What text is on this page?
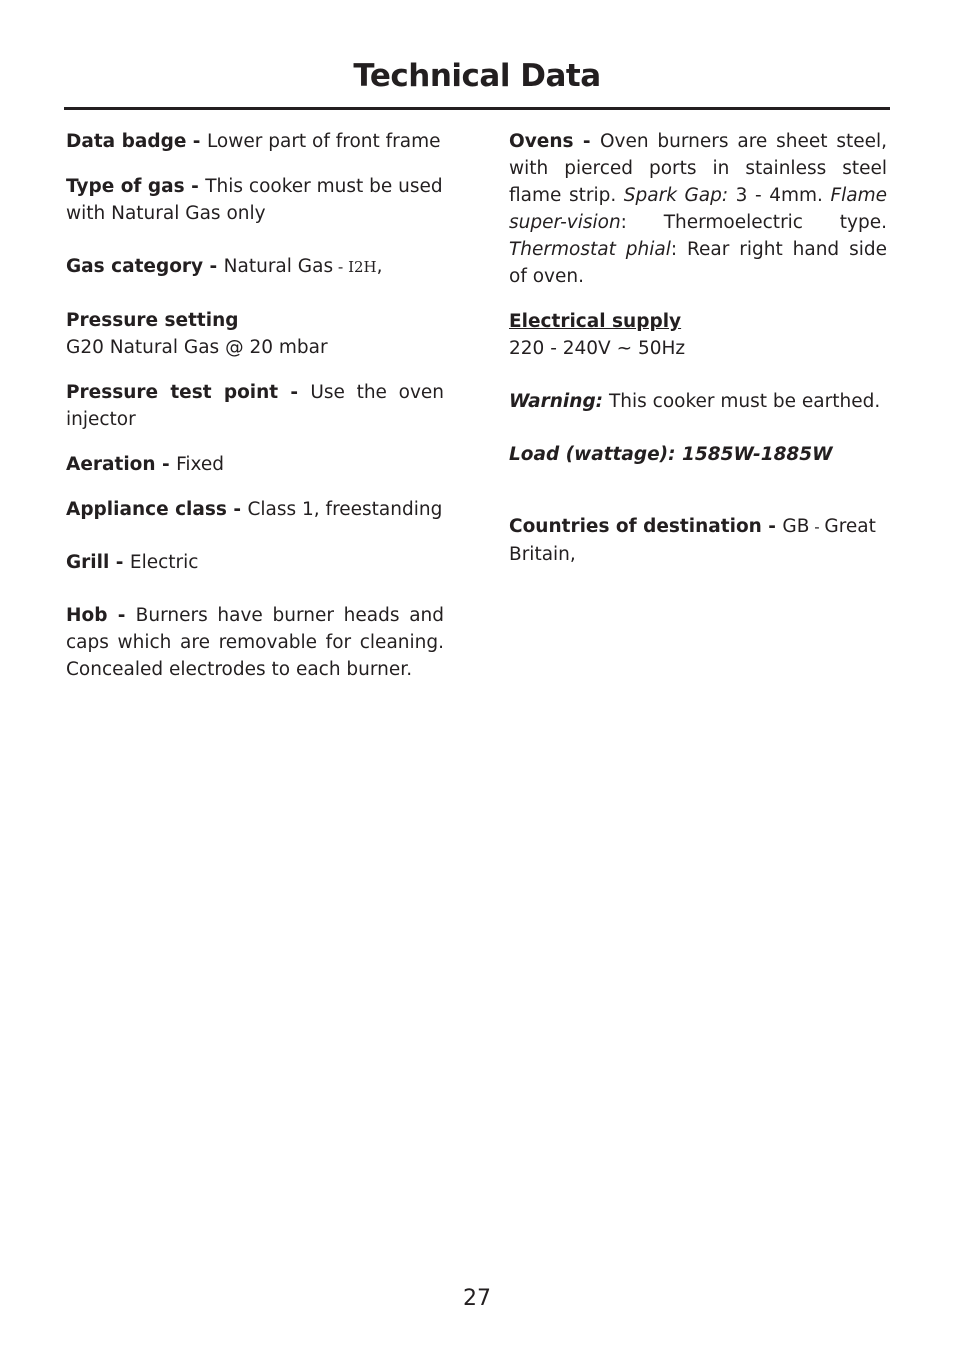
Technical Data

Data badge - Lower part of front frame

Type of gas - This cooker must be used with Natural Gas only

Gas category - Natural Gas - I2H,

Pressure setting
G20 Natural Gas @ 20 mbar

Pressure test point - Use the oven injector

Aeration - Fixed

Appliance class - Class 1, freestanding

Grill - Electric

Hob - Burners have burner heads and caps which are removable for cleaning. Concealed electrodes to each burner.

Ovens - Oven burners are sheet steel, with pierced ports in stainless steel flame strip. Spark Gap: 3 - 4mm. Flame super-vision: Thermoelectric type. Thermostat phial: Rear right hand side of oven.

Electrical supply
220 - 240V ~ 50Hz

Warning: This cooker must be earthed.

Load (wattage): 1585W-1885W

Countries of destination - GB - Great Britain,

27
